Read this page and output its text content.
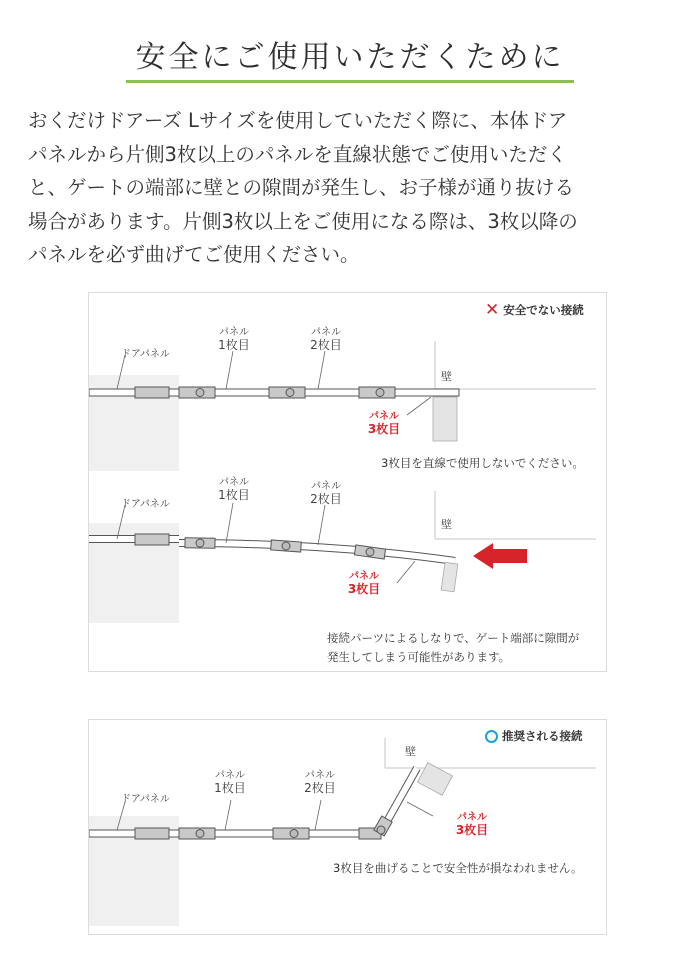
安全にご使用いただくために
おくだけドアーズ Lサイズを使用していただく際に、本体ドア
パネルから片側3枚以上のパネルを直線状態でご使用いただく
と、ゲートの端部に壁との隙間が発生し、お子様が通り抜ける
場合があります。片側3枚以上をご使用になる際は、3枚以降の
パネルを必ず曲げてご使用ください。
✕ 安全でない接続
ドアパネル
パネル
1枚目
パネル
2枚目
壁
パネル
3枚目
3枚目を直線で使用しないでください。
ドアパネル
パネル
1枚目
パネル
2枚目
壁
パネル
3枚目
接続パーツによるしなりで、ゲート端部に隙間が
発生してしまう可能性があります。
推奨される接続
ドアパネル
パネル
1枚目
パネル
2枚目
壁
パネル
3枚目
3枚目を曲げることで安全性が損なわれません。
